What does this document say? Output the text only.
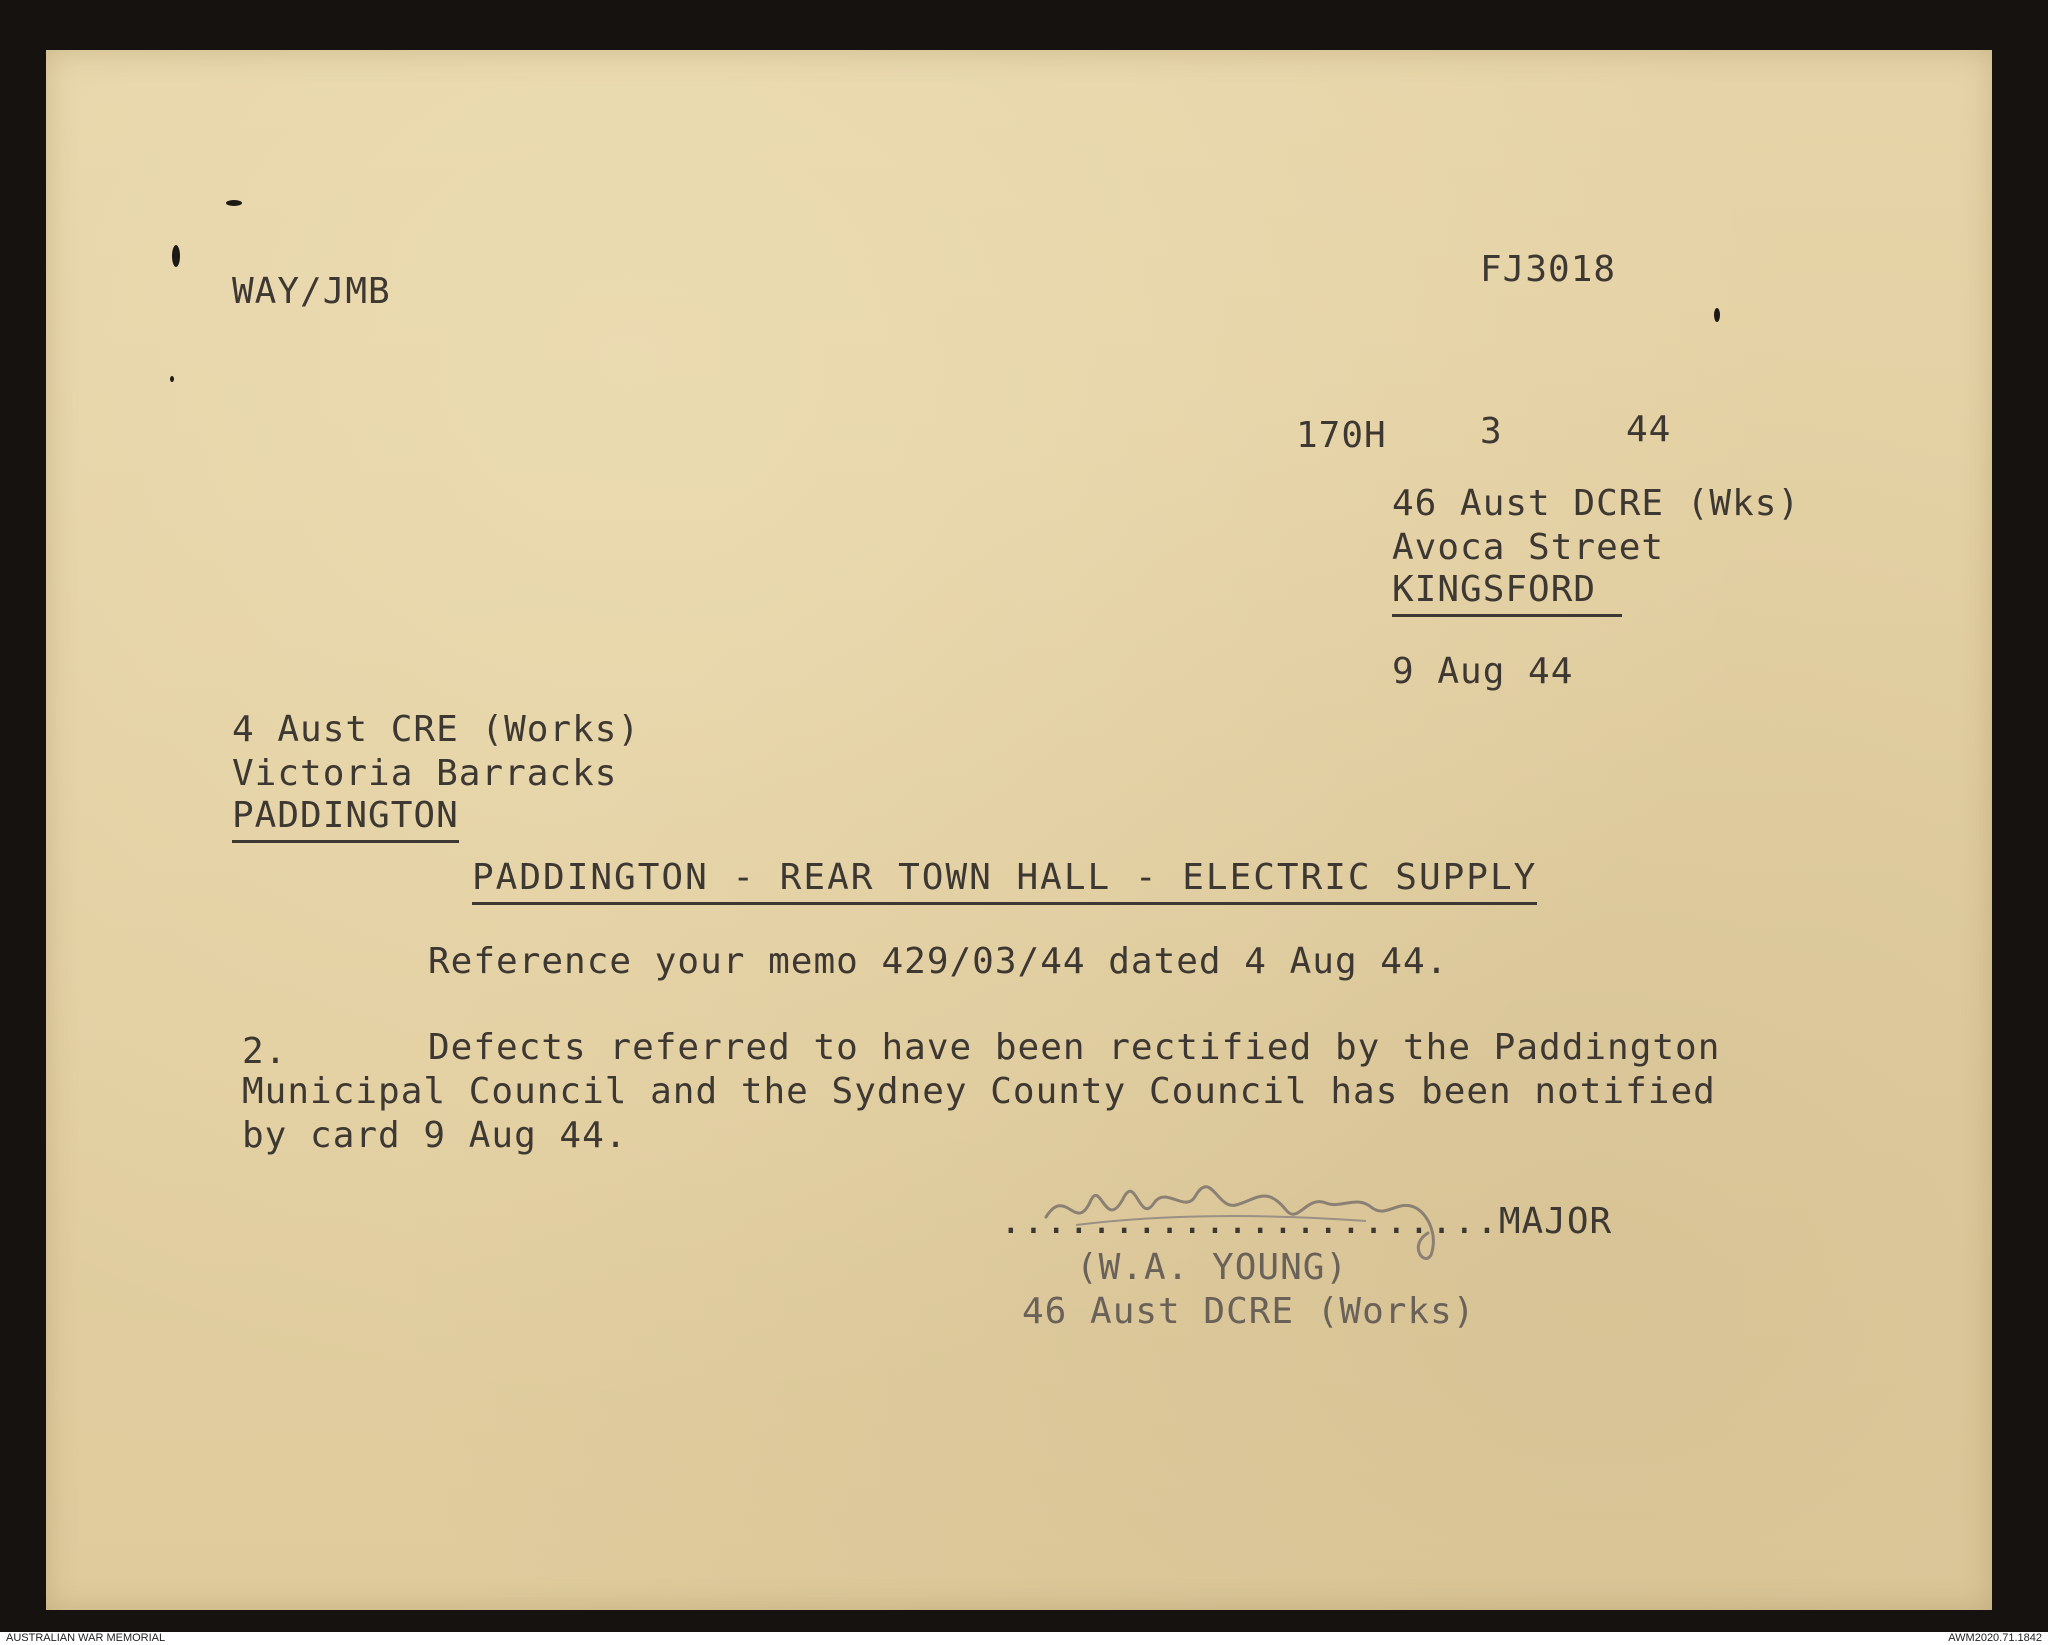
WAY/JMB
FJ3018
170H	3	44
46 Aust DCRE (Wks)
Avoca Street
KINGSFORD
9 Aug 44
4 Aust CRE (Works)
Victoria Barracks
PADDINGTON
PADDINGTON - REAR TOWN HALL - ELECTRIC SUPPLY
Reference your memo 429/03/44 dated 4 Aug 44.
2.	Defects referred to have been rectified by the Paddington
Municipal Council and the Sydney County Council has been notified
by card 9 Aug 44.
......................MAJOR
(W.A. YOUNG)
46 Aust DCRE (Works)
AUSTRALIAN WAR MEMORIAL	AWM2020.71.1842
